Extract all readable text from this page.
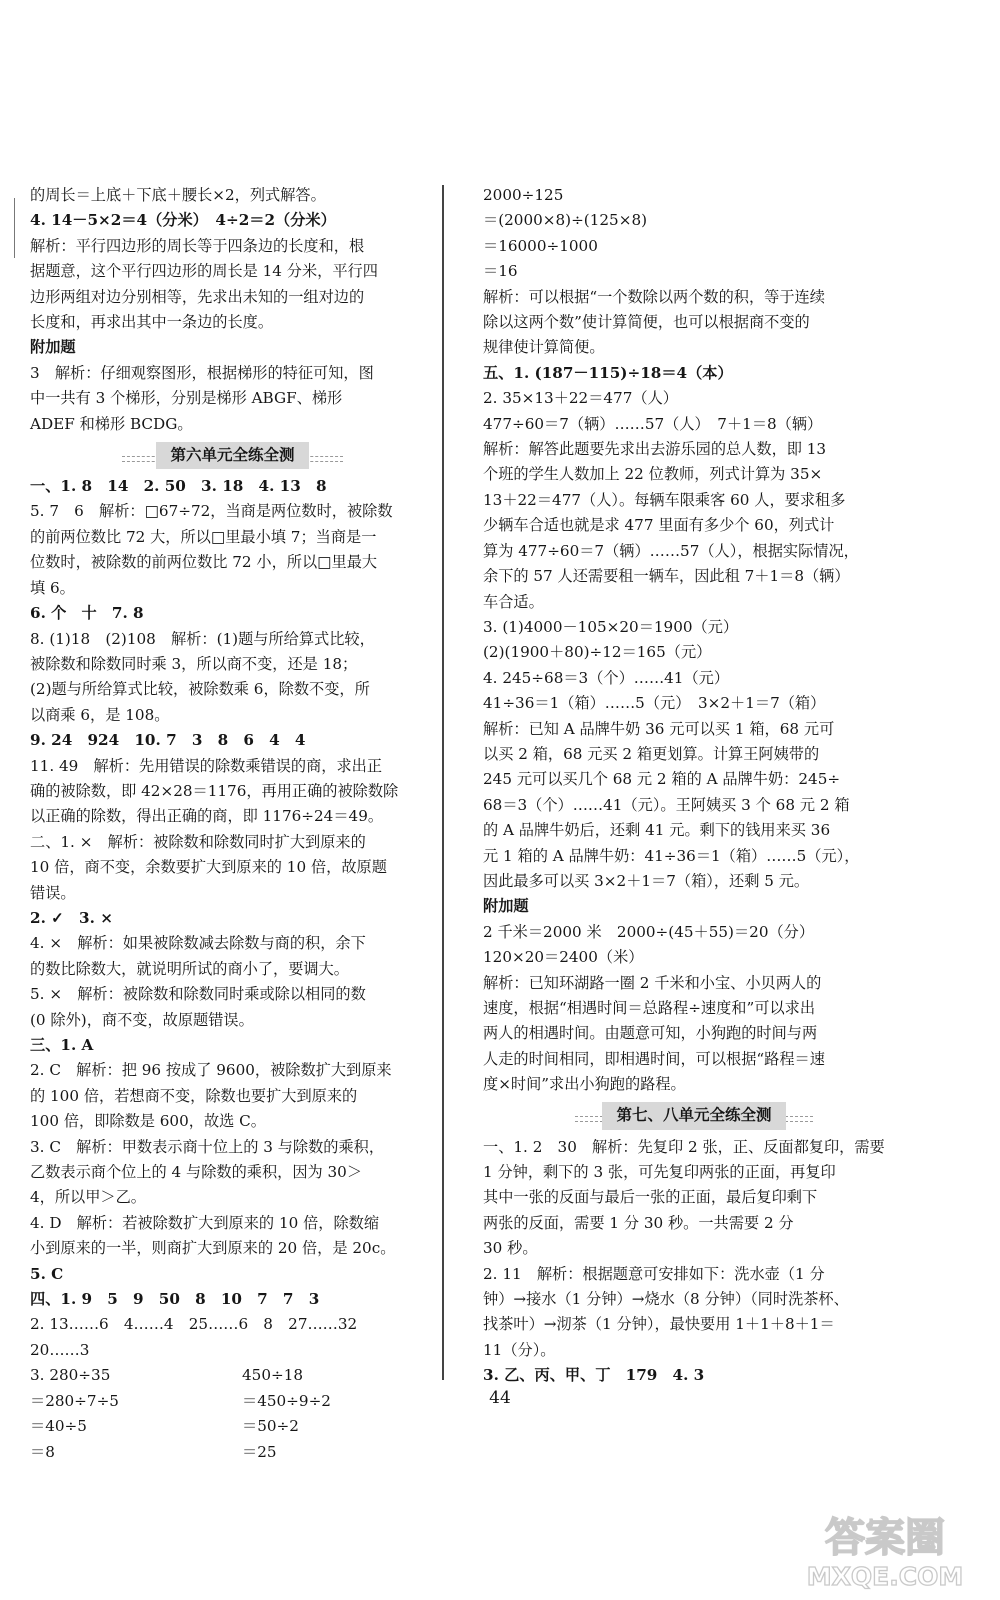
的周长＝上底＋下底＋腰长×2，列式解答。
4. 14－5×2＝4（分米）　4÷2＝2（分米）
解析：平行四边形的周长等于四条边的长度和，根
据题意，这个平行四边形的周长是 14 分米，平行四
边形两组对边分别相等，先求出未知的一组对边的
长度和，再求出其中一条边的长度。
附加题
3　解析：仔细观察图形，根据梯形的特征可知，图
中一共有 3 个梯形，分别是梯形 ABGF、梯形
ADEF 和梯形 BCDG。
第六单元全练全测
一、1. 8　14　2. 50　3. 18　4. 13　8
5. 7　6　解析：□67÷72，当商是两位数时，被除数
的前两位数比 72 大，所以□里最小填 7；当商是一
位数时，被除数的前两位数比 72 小，所以□里最大
填 6。
6. 个　十　7. 8
8. (1)18　(2)108　解析：(1)题与所给算式比较，
被除数和除数同时乘 3，所以商不变，还是 18；
(2)题与所给算式比较，被除数乘 6，除数不变，所
以商乘 6，是 108。
9. 24　924　10. 7　3　8　6　4　4
11. 49　解析：先用错误的除数乘错误的商，求出正
确的被除数，即 42×28＝1176，再用正确的被除数除
以正确的除数，得出正确的商，即 1176÷24＝49。
二、1. ×　解析：被除数和除数同时扩大到原来的
10 倍，商不变，余数要扩大到原来的 10 倍，故原题
错误。
2. ✓　3. ×
4. ×　解析：如果被除数减去除数与商的积，余下
的数比除数大，就说明所试的商小了，要调大。
5. ×　解析：被除数和除数同时乘或除以相同的数
(0 除外)，商不变，故原题错误。
三、1. A
2. C　解析：把 96 按成了 9600，被除数扩大到原来
的 100 倍，若想商不变，除数也要扩大到原来的
100 倍，即除数是 600，故选 C。
3. C　解析：甲数表示商十位上的 3 与除数的乘积，
乙数表示商个位上的 4 与除数的乘积，因为 30＞
4，所以甲＞乙。
4. D　解析：若被除数扩大到原来的 10 倍，除数缩
小到原来的一半，则商扩大到原来的 20 倍，是 20c。
5. C
四、1. 9　5　9　50　8　10　7　7　3
2. 13……6　4……4　25……6　8　27……32
20……3
3. 280÷35	450÷18
＝280÷7÷5	＝450÷9÷2
＝40÷5	＝50÷2
＝8	＝25
2000÷125
＝(2000×8)÷(125×8)
＝16000÷1000
＝16
解析：可以根据“一个数除以两个数的积，等于连续
除以这两个数”使计算简便，也可以根据商不变的
规律使计算简便。
五、1. (187－115)÷18＝4（本）
2. 35×13＋22＝477（人）
477÷60＝7（辆）……57（人）　7＋1＝8（辆）
解析：解答此题要先求出去游乐园的总人数，即 13
个班的学生人数加上 22 位教师，列式计算为 35×
13＋22＝477（人）。每辆车限乘客 60 人，要求租多
少辆车合适也就是求 477 里面有多少个 60，列式计
算为 477÷60＝7（辆）……57（人），根据实际情况，
余下的 57 人还需要租一辆车，因此租 7＋1＝8（辆）
车合适。
3. (1)4000－105×20＝1900（元）
(2)(1900＋80)÷12＝165（元）
4. 245÷68＝3（个）……41（元）
41÷36＝1（箱）……5（元）　3×2＋1＝7（箱）
解析：已知 A 品牌牛奶 36 元可以买 1 箱，68 元可
以买 2 箱，68 元买 2 箱更划算。计算王阿姨带的
245 元可以买几个 68 元 2 箱的 A 品牌牛奶：245÷
68＝3（个）……41（元）。王阿姨买 3 个 68 元 2 箱
的 A 品牌牛奶后，还剩 41 元。剩下的钱用来买 36
元 1 箱的 A 品牌牛奶：41÷36＝1（箱）……5（元），
因此最多可以买 3×2＋1＝7（箱），还剩 5 元。
附加题
2 千米＝2000 米　2000÷(45＋55)＝20（分）
120×20＝2400（米）
解析：已知环湖路一圈 2 千米和小宝、小贝两人的
速度，根据“相遇时间＝总路程÷速度和”可以求出
两人的相遇时间。由题意可知，小狗跑的时间与两
人走的时间相同，即相遇时间，可以根据“路程＝速
度×时间”求出小狗跑的路程。
第七、八单元全练全测
一、1. 2　30　解析：先复印 2 张，正、反面都复印，需要
1 分钟，剩下的 3 张，可先复印两张的正面，再复印
其中一张的反面与最后一张的正面，最后复印剩下
两张的反面，需要 1 分 30 秒。一共需要 2 分
30 秒。
2. 11　解析：根据题意可安排如下：洗水壶（1 分
钟）→接水（1 分钟）→烧水（8 分钟）（同时洗茶杯、
找茶叶）→沏茶（1 分钟），最快要用 1＋1＋8＋1＝
11（分）。
3. 乙、丙、甲、丁　179　4. 3
44
答案圈
MXQE.COM
